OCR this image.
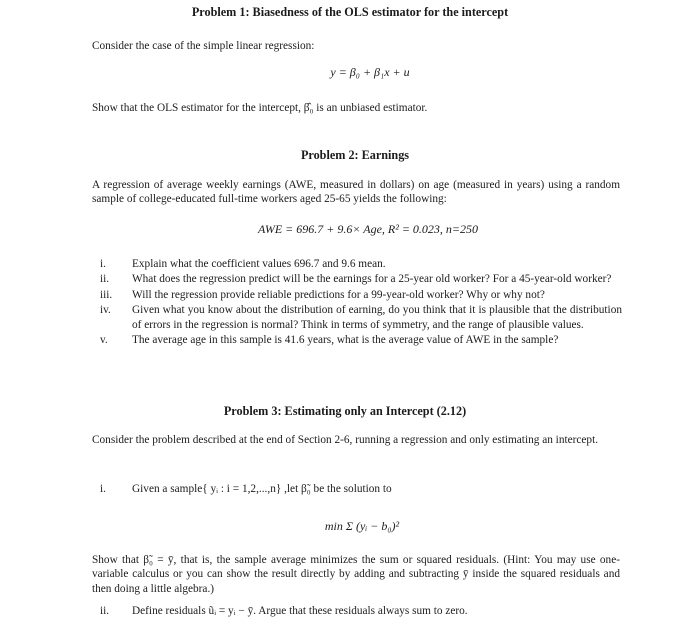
Problem 1: Biasedness of the OLS estimator for the intercept
Consider the case of the simple linear regression:
y = β₀ + β₁x + u
Show that the OLS estimator for the intercept, β̂₀ is an unbiased estimator.
Problem 2: Earnings
A regression of average weekly earnings (AWE, measured in dollars) on age (measured in years) using a random sample of college-educated full-time workers aged 25-65 yields the following:
AWE = 696.7 + 9.6× Age, R² = 0.023, n=250
i.	Explain what the coefficient values 696.7 and 9.6 mean.
ii.	What does the regression predict will be the earnings for a 25-year old worker? For a 45-year-old worker?
iii.	Will the regression provide reliable predictions for a 99-year-old worker? Why or why not?
iv.	Given what you know about the distribution of earning, do you think that it is plausible that the distribution of errors in the regression is normal? Think in terms of symmetry, and the range of plausible values.
v.	The average age in this sample is 41.6 years, what is the average value of AWE in the sample?
Problem 3: Estimating only an Intercept (2.12)
Consider the problem described at the end of Section 2-6, running a regression and only estimating an intercept.
i.	Given a sample{ yᵢ : i = 1,2,...,n} ,let β̃₀ be the solution to
min Σ (yᵢ − b₀)²
Show that β̃₀ = ȳ, that is, the sample average minimizes the sum or squared residuals. (Hint: You may use one-variable calculus or you can show the result directly by adding and subtracting ȳ inside the squared residuals and then doing a little algebra.)
ii.	Define residuals ũᵢ = yᵢ − ȳ. Argue that these residuals always sum to zero.
